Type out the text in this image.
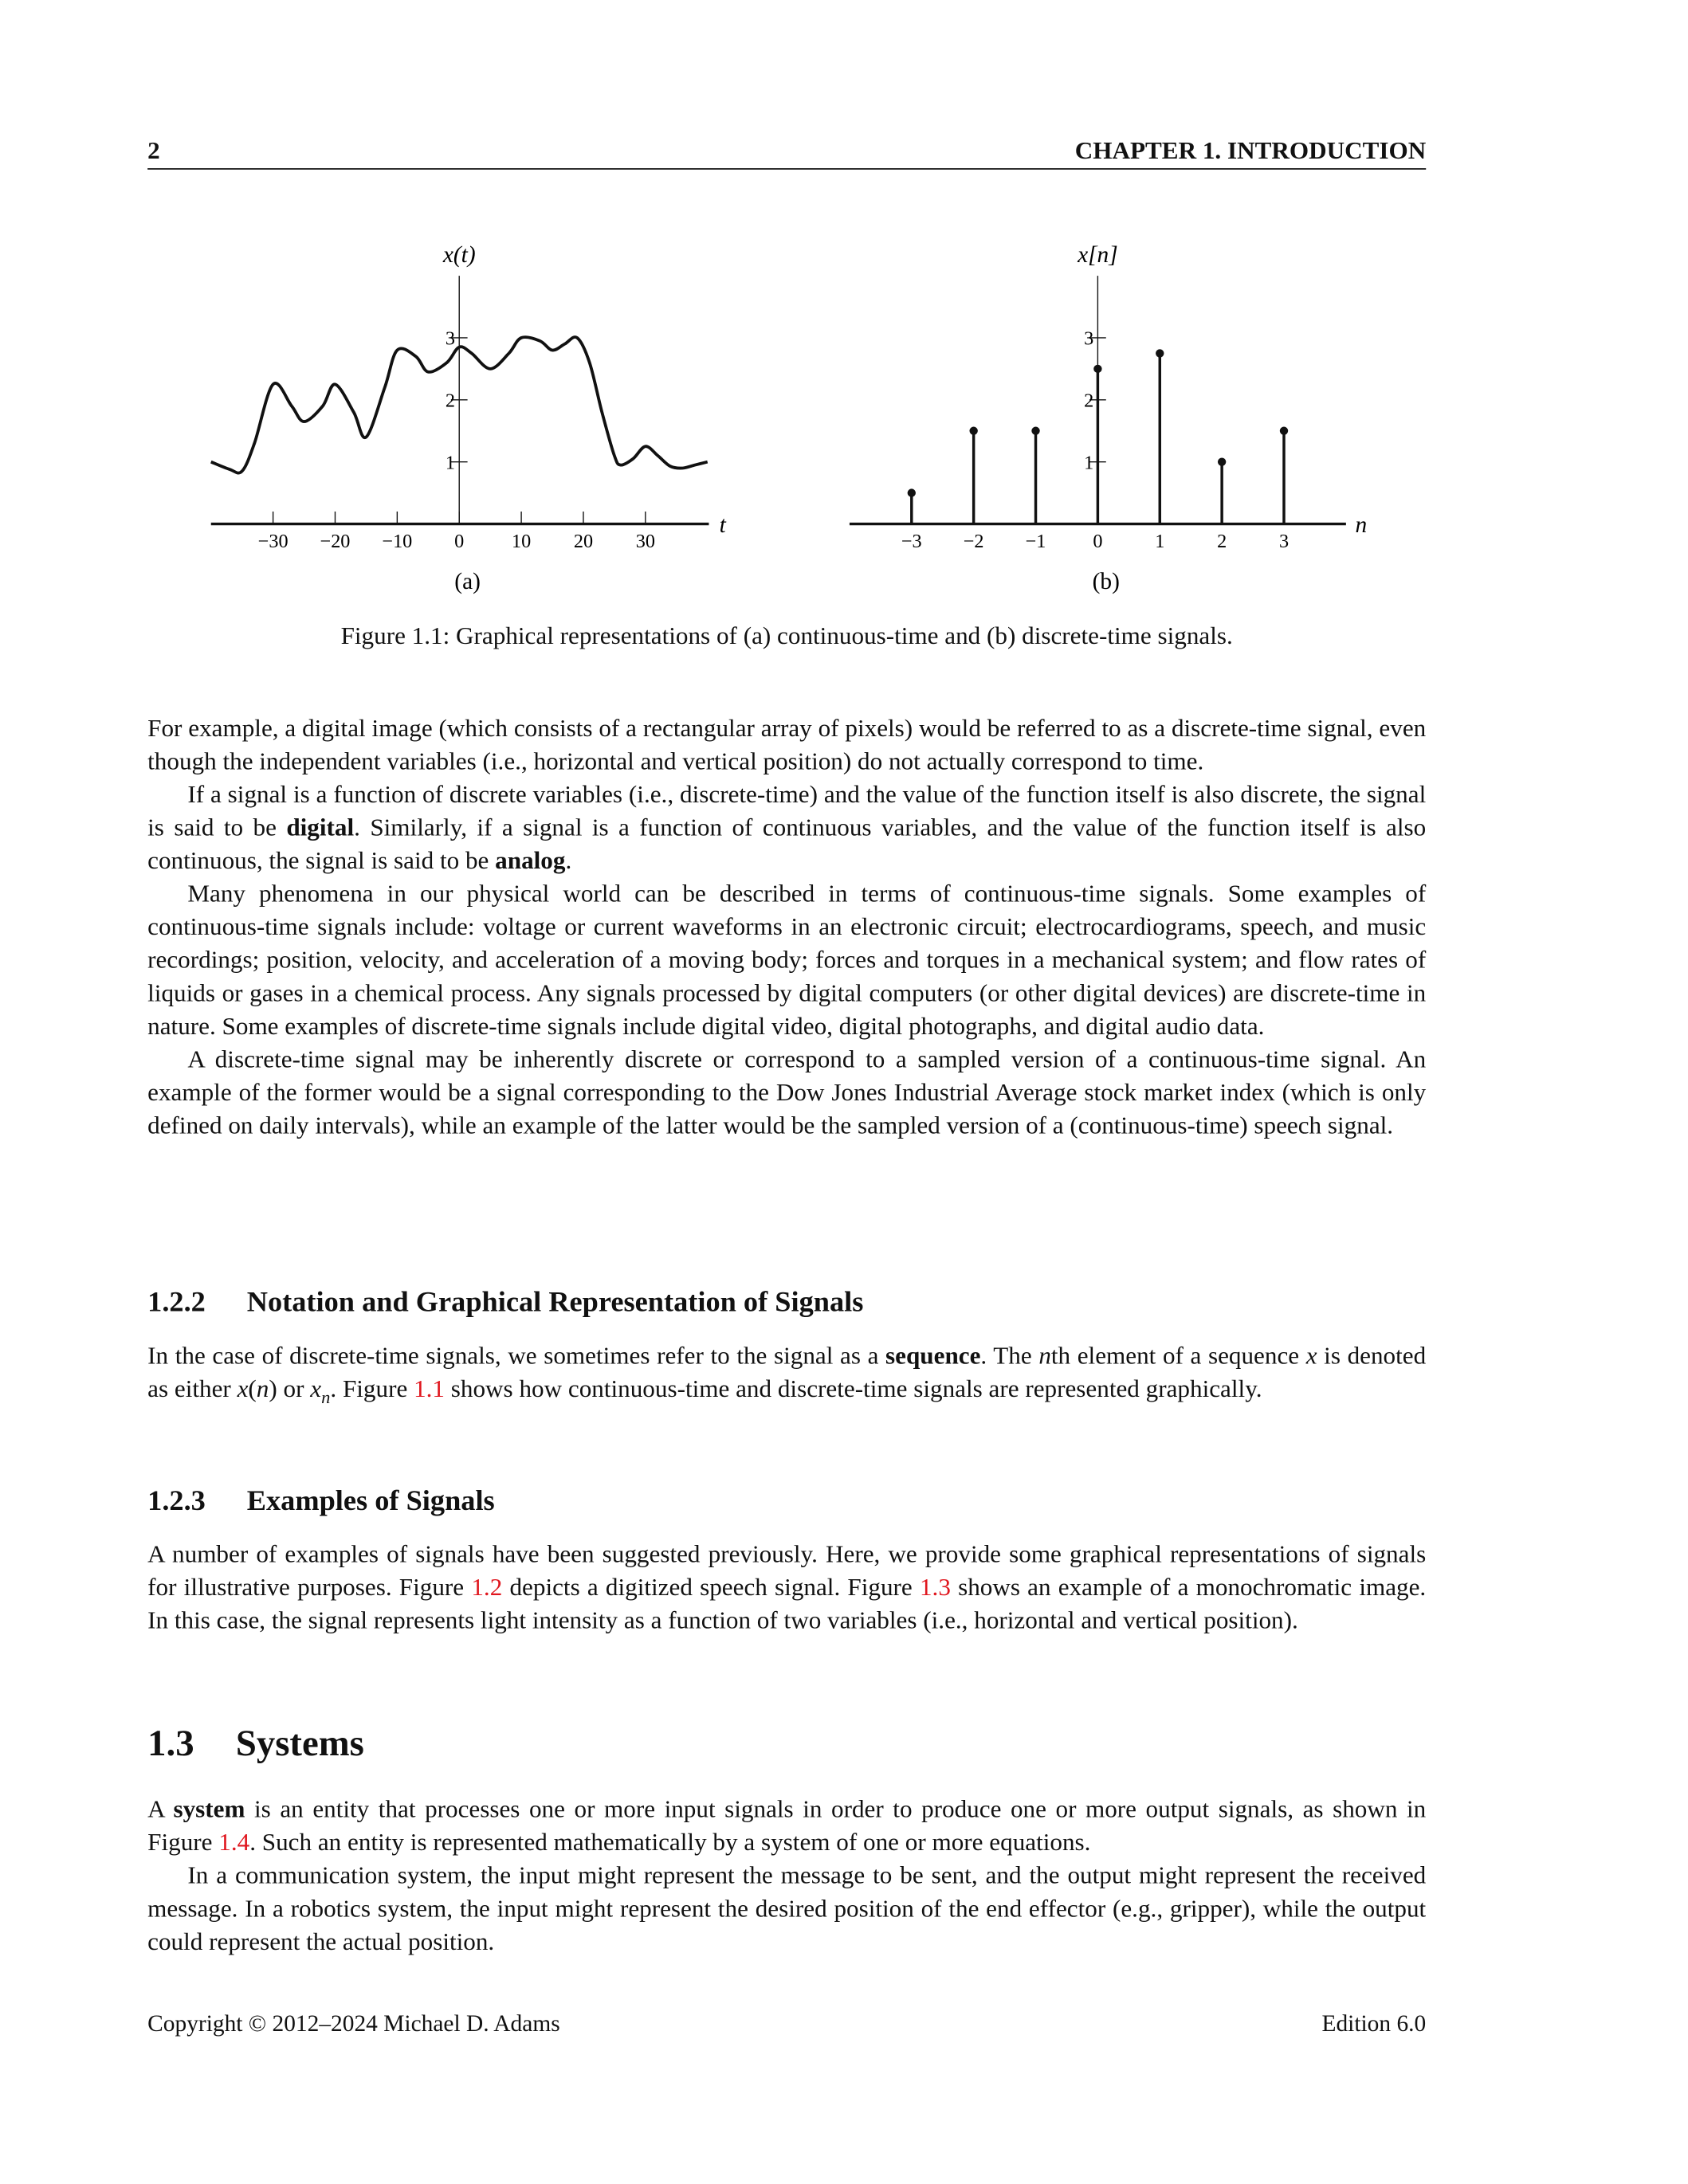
2	CHAPTER 1. INTRODUCTION
−30	−20	−10	0	10	20	30
1
2
3
x(t)
t
(a)
1
2
3
−3	−2	−1	0	1	2	3
x[n]
n
(b)
Figure 1.1: Graphical representations of (a) continuous-time and (b) discrete-time signals.

For example, a digital image (which consists of a rectangular array of pixels) would be referred to as a discrete-time signal, even though the independent variables (i.e., horizontal and vertical position) do not actually correspond to time.

If a signal is a function of discrete variables (i.e., discrete-time) and the value of the function itself is also discrete, the signal is said to be digital. Similarly, if a signal is a function of continuous variables, and the value of the function itself is also continuous, the signal is said to be analog.

Many phenomena in our physical world can be described in terms of continuous-time signals. Some examples of continuous-time signals include: voltage or current waveforms in an electronic circuit; electrocardiograms, speech, and music recordings; position, velocity, and acceleration of a moving body; forces and torques in a mechanical system; and flow rates of liquids or gases in a chemical process. Any signals processed by digital computers (or other digital devices) are discrete-time in nature. Some examples of discrete-time signals include digital video, digital photographs, and digital audio data.

A discrete-time signal may be inherently discrete or correspond to a sampled version of a continuous-time signal. An example of the former would be a signal corresponding to the Dow Jones Industrial Average stock market index (which is only defined on daily intervals), while an example of the latter would be the sampled version of a (continuous-time) speech signal.

1.2.2 Notation and Graphical Representation of Signals

In the case of discrete-time signals, we sometimes refer to the signal as a sequence. The nth element of a sequence x is denoted as either x(n) or $x_n$. Figure 1.1 shows how continuous-time and discrete-time signals are represented graphically.

1.2.3 Examples of Signals

A number of examples of signals have been suggested previously. Here, we provide some graphical representations of signals for illustrative purposes. Figure 1.2 depicts a digitized speech signal. Figure 1.3 shows an example of a monochromatic image. In this case, the signal represents light intensity as a function of two variables (i.e., horizontal and vertical position).

1.3 Systems

A system is an entity that processes one or more input signals in order to produce one or more output signals, as shown in Figure 1.4. Such an entity is represented mathematically by a system of one or more equations.

In a communication system, the input might represent the message to be sent, and the output might represent the received message. In a robotics system, the input might represent the desired position of the end effector (e.g., gripper), while the output could represent the actual position.

Copyright © 2012–2024 Michael D. Adams	Edition 6.0
